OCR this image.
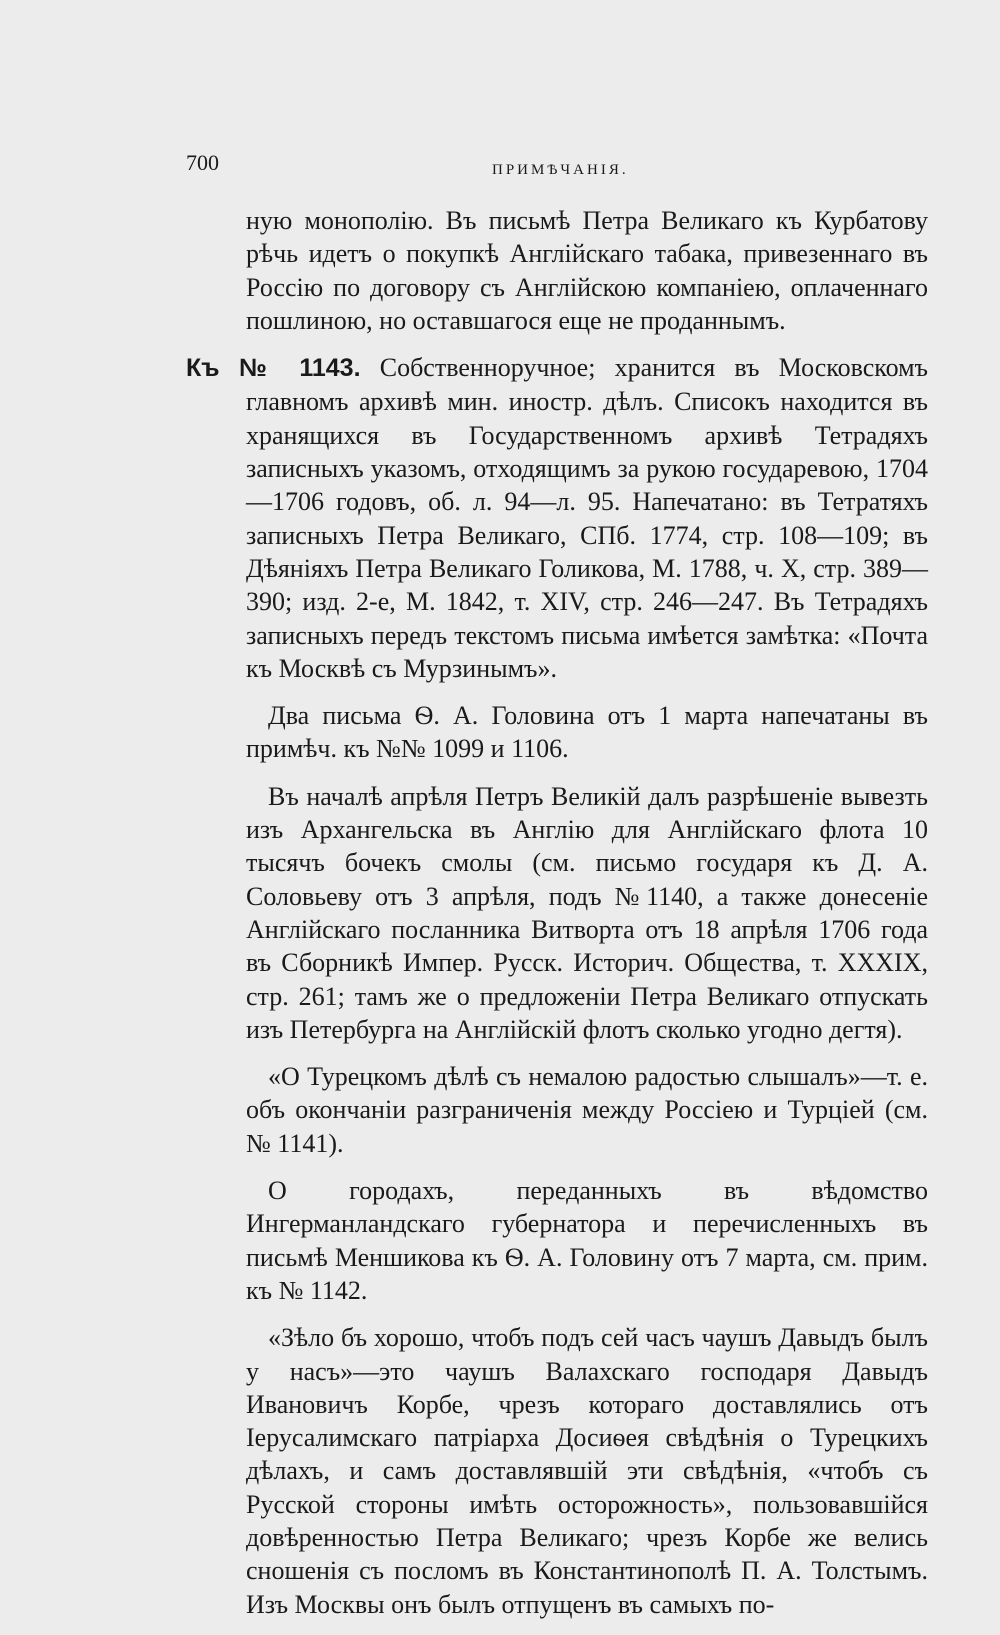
700	ПРИМѢЧАНІЯ.

ную монополію. Въ письмѣ Петра Великаго къ Курбатову рѣчь идетъ о покупкѣ Англійскаго табака, привезеннаго въ Россію по договору съ Англійскою компаніею, оплаченнаго пошлиною, но оставшагося еще не проданнымъ.

Къ № 1143. Собственноручное; хранится въ Московскомъ главномъ архивѣ мин. иностр. дѣлъ. Списокъ находится въ хранящихся въ Государственномъ архивѣ Тетрадяхъ записныхъ указомъ, отходящимъ за рукою государевою, 1704—1706 годовъ, об. л. 94—л. 95. Напечатано: въ Тетратяхъ записныхъ Петра Великаго, СПб. 1774, стр. 108—109; въ Дѣяніяхъ Петра Великаго Голикова, М. 1788, ч. X, стр. 389—390; изд. 2-е, М. 1842, т. XIV, стр. 246—247. Въ Тетрадяхъ записныхъ передъ текстомъ письма имѣется замѣтка: «Почта къ Москвѣ съ Мурзинымъ».

Два письма Ѳ. А. Головина отъ 1 марта напечатаны въ примѣч. къ №№ 1099 и 1106.

Въ началѣ апрѣля Петръ Великій далъ разрѣшеніе вывезть изъ Архангельска въ Англію для Англійскаго флота 10 тысячъ бочекъ смолы (см. письмо государя къ Д. А. Соловьеву отъ 3 апрѣля, подъ №1140, а также донесеніе Англійскаго посланника Витворта отъ 18 апрѣля 1706 года въ Сборникѣ Импер. Русск. Историч. Общества, т. XXXIX, стр. 261; тамъ же о предложеніи Петра Великаго отпускать изъ Петербурга на Англійскій флотъ сколько угодно дегтя).

«О Турецкомъ дѣлѣ съ немалою радостью слышалъ»—т. е. объ окончаніи разграниченія между Россіею и Турціей (см. № 1141).

О городахъ, переданныхъ въ вѣдомство Ингерманландскаго губернатора и перечисленныхъ въ письмѣ Меншикова къ Ѳ. А. Головину отъ 7 марта, см. прим. къ № 1142.

«Зѣло бъ хорошо, чтобъ подъ сей часъ чаушъ Давыдъ былъ у насъ»—это чаушъ Валахскаго господаря Давыдъ Ивановичъ Корбе, чрезъ котораго доставлялись отъ Іерусалимскаго патріарха Досиѳея свѣдѣнія о Турецкихъ дѣлахъ, и самъ доставлявшій эти свѣдѣнія, «чтобъ съ Русской стороны имѣть осторожность», пользовавшійся довѣренностью Петра Великаго; чрезъ Корбе же велись сношенія съ посломъ въ Константинополѣ П. А. Толстымъ. Изъ Москвы онъ былъ отпущенъ въ самыхъ по-
